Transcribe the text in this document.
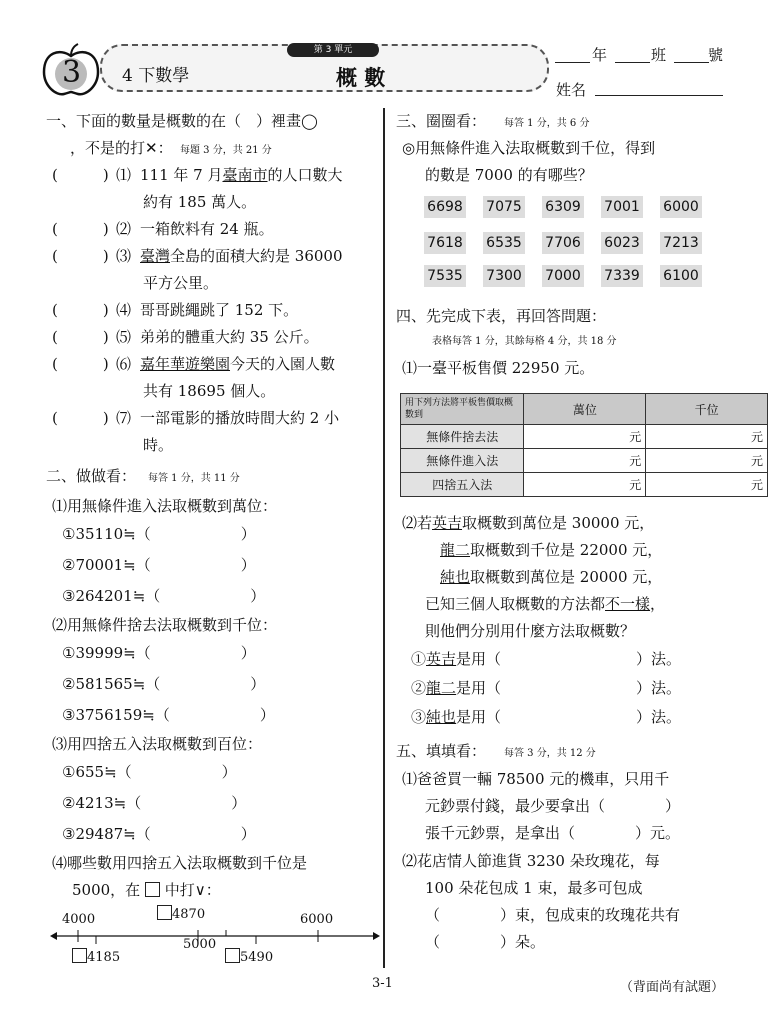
3
第 3 單元
4 下數學	概 數
年	班	號
姓名
一、下面的數量是概數的在（　）裡畫◯
，不是的打✕： 每題 3 分，共 21 分
(　　　) ⑴ 111 年 7 月臺南市的人口數大
約有 185 萬人。
(　　　) ⑵ 一箱飲料有 24 瓶。
(　　　) ⑶ 臺灣全島的面積大約是 36000
平方公里。
(　　　) ⑷ 哥哥跳繩跳了 152 下。
(　　　) ⑸ 弟弟的體重大約 35 公斤。
(　　　) ⑹ 嘉年華遊樂園今天的入園人數
共有 18695 個人。
(　　　) ⑺ 一部電影的播放時間大約 2 小
時。
二、做做看： 每答 1 分，共 11 分
⑴用無條件進入法取概數到萬位：
①35110≒（　　　　　　）
②70001≒（　　　　　　）
③264201≒（　　　　　　）
⑵用無條件捨去法取概數到千位：
①39999≒（　　　　　　）
②581565≒（　　　　　　）
③3756159≒（　　　　　　）
⑶用四捨五入法取概數到百位：
①655≒（　　　　　　）
②4213≒（　　　　　　）
③29487≒（　　　　　　）
⑷哪些數用四捨五入法取概數到千位是
5000，在 中打∨：
4000	6000
5000
4870
4185	5490
三、圈圈看： 每答 1 分，共 6 分
◎用無條件進入法取概數到千位，得到
的數是 7000 的有哪些？
6698 7075 6309 7001 6000
7618 6535 7706 6023 7213
7535 7300 7000 7339 6100
四、先完成下表，再回答問題：
表格每答 1 分，其餘每格 4 分，共 18 分
⑴一臺平板售價 22950 元。
用下列方法將平板售價取概數到	萬位	千位
無條件捨去法	元	元
無條件進入法	元	元
四捨五入法	元	元
⑵若英吉取概數到萬位是 30000 元，
龍二取概數到千位是 22000 元，
純也取概數到萬位是 20000 元，
已知三個人取概數的方法都不一樣，
則他們分別用什麼方法取概數？
①英吉是用（　　　　　　　　　）法。
②龍二是用（　　　　　　　　　）法。
③純也是用（　　　　　　　　　）法。
五、填填看： 每答 3 分，共 12 分
⑴爸爸買一輛 78500 元的機車，只用千
元鈔票付錢，最少要拿出（　　　　）
張千元鈔票，是拿出（　　　　）元。
⑵花店情人節進貨 3230 朵玫瑰花，每
100 朵花包成 1 束，最多可包成
（　　　　）束，包成束的玫瑰花共有
（　　　　）朵。
3-1	（背面尚有試題）
